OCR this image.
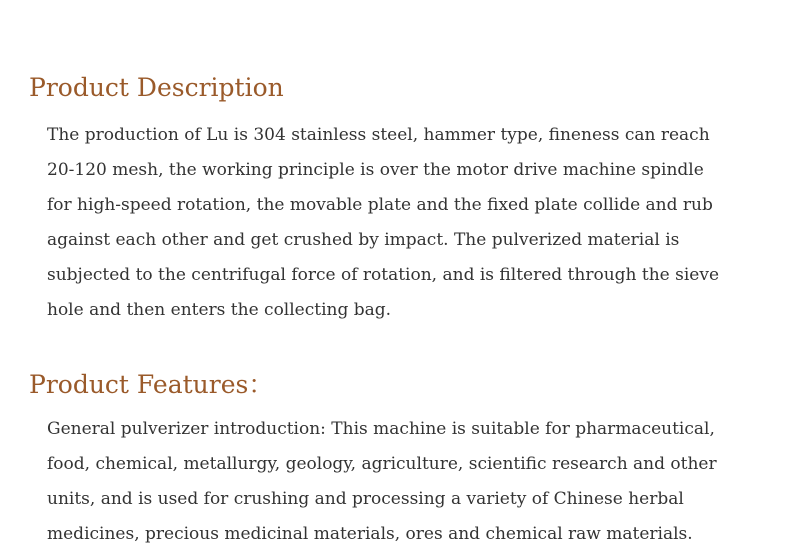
Product Description
The production of Lu is 304 stainless steel, hammer type, fineness can reach
20-120 mesh, the working principle is over the motor drive machine spindle
for high-speed rotation, the movable plate and the fixed plate collide and rub
against each other and get crushed by impact. The pulverized material is
subjected to the centrifugal force of rotation, and is filtered through the sieve
hole and then enters the collecting bag.
Product Features：
General pulverizer introduction: This machine is suitable for pharmaceutical,
food, chemical, metallurgy, geology, agriculture, scientific research and other
units, and is used for crushing and processing a variety of Chinese herbal
medicines, precious medicinal materials, ores and chemical raw materials.
